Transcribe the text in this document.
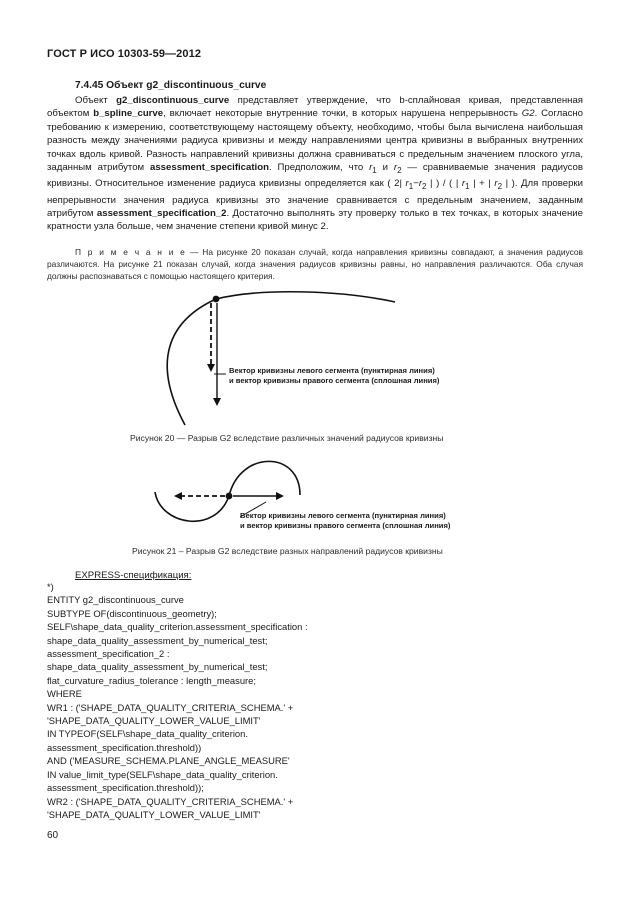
ГОСТ Р ИСО 10303-59—2012
7.4.45 Объект g2_discontinuous_curve

Объект g2_discontinuous_curve представляет утверждение, что b-сплайновая кривая, представленная объектом b_spline_curve, включает некоторые внутренние точки, в которых нарушена непрерывность G2. Согласно требованию к измерению, соответствующему настоящему объекту, необходимо, чтобы была вычислена наибольшая разность между значениями радиуса кривизны и между направлениями центра кривизны в выбранных внутренних точках вдоль кривой. Разность направлений кривизны должна сравниваться с предельным значением плоского угла, заданным атрибутом assessment_specification. Предположим, что $r_1$ и $r_2$ — сравниваемые значения радиусов кривизны. Относительное изменение радиуса кривизны определяется как ( 2| $r_1-r_2$ | ) / ( | $r_1$ | + | $r_2$ | ). Для проверки непрерывности значения радиуса кривизны это значение сравнивается с предельным значением, заданным атрибутом assessment_specification_2. Достаточно выполнять эту проверку только в тех точках, в которых значение кратности узла больше, чем значение степени кривой минус 2.

П р и м е ч а н и е — На рисунке 20 показан случай, когда направления кривизны совпадают, а значения радиусов различаются. На рисунке 21 показан случай, когда значения радиусов кривизны равны, но направления различаются. Оба случая должны распознаваться с помощью настоящего критерия.
Вектор кривизны левого сегмента (пунктирная линия)
и вектор кривизны правого сегмента (сплошная линия)
Рисунок 20 — Разрыв G2 вследствие различных значений радиусов кривизны
Вектор кривизны левого сегмента (пунктирная линия)
и вектор кривизны правого сегмента (сплошная линия)
Рисунок 21 – Разрыв G2 вследствие разных направлений радиусов кривизны
EXPRESS-спецификация:
*)
ENTITY g2_discontinuous_curve
SUBTYPE OF(discontinuous_geometry);
SELF\shape_data_quality_criterion.assessment_specification :
shape_data_quality_assessment_by_numerical_test;
assessment_specification_2 :
shape_data_quality_assessment_by_numerical_test;
flat_curvature_radius_tolerance : length_measure;
WHERE
WR1 : ('SHAPE_DATA_QUALITY_CRITERIA_SCHEMA.' +
'SHAPE_DATA_QUALITY_LOWER_VALUE_LIMIT'
IN TYPEOF(SELF\shape_data_quality_criterion.
assessment_specification.threshold))
AND ('MEASURE_SCHEMA.PLANE_ANGLE_MEASURE'
IN value_limit_type(SELF\shape_data_quality_criterion.
assessment_specification.threshold));
WR2 : ('SHAPE_DATA_QUALITY_CRITERIA_SCHEMA.' +
'SHAPE_DATA_QUALITY_LOWER_VALUE_LIMIT'
60
